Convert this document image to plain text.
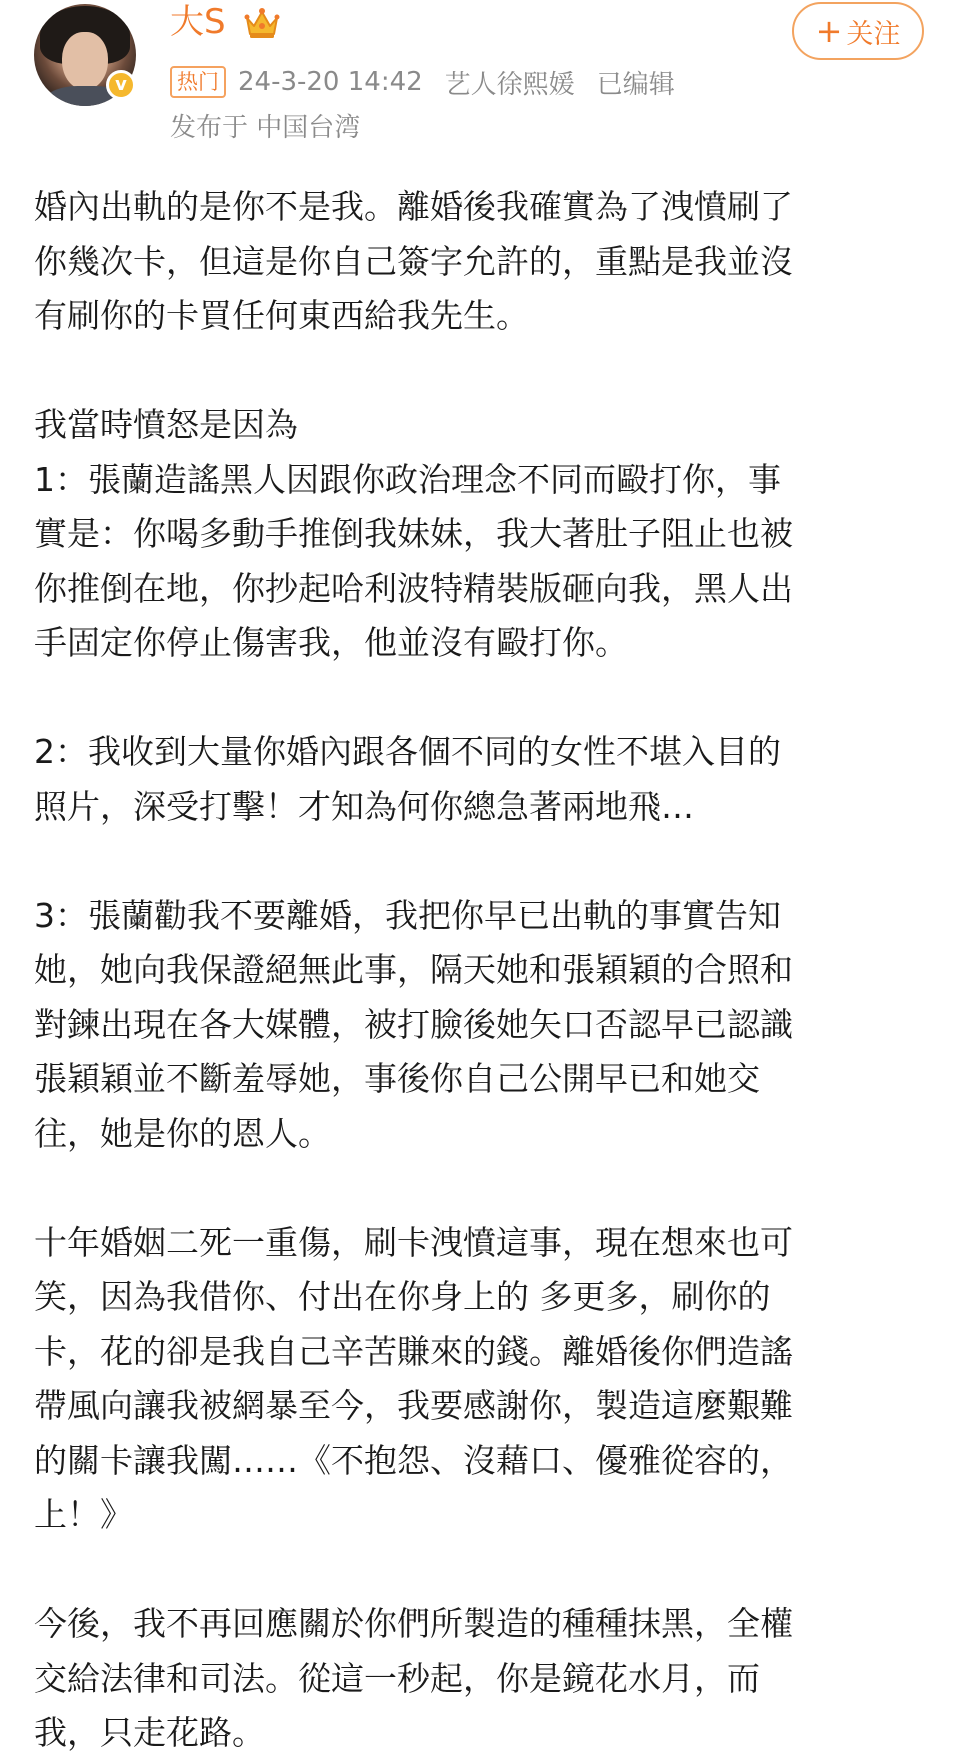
v
大S
热门 24-3-20 14:42 艺人徐熙媛 已编辑
发布于 中国台湾
+ 关注

婚內出軌的是你不是我。離婚後我確實為了洩憤刷了
你幾次卡，但這是你自己簽字允許的，重點是我並沒
有刷你的卡買任何東西給我先生。

我當時憤怒是因為
1：張蘭造謠黑人因跟你政治理念不同而毆打你，事
實是：你喝多動手推倒我妹妹，我大著肚子阻止也被
你推倒在地，你抄起哈利波特精裝版砸向我，黑人出
手固定你停止傷害我，他並沒有毆打你。

2：我收到大量你婚內跟各個不同的女性不堪入目的
照片，深受打擊！才知為何你總急著兩地飛…

3：張蘭勸我不要離婚，我把你早已出軌的事實告知
她，她向我保證絕無此事，隔天她和張穎穎的合照和
對鍊出現在各大媒體，被打臉後她矢口否認早已認識
張穎穎並不斷羞辱她，事後你自己公開早已和她交
往，她是你的恩人。

十年婚姻二死一重傷，刷卡洩憤這事，現在想來也可
笑，因為我借你、付出在你身上的 多更多，刷你的
卡，花的卻是我自己辛苦賺來的錢。離婚後你們造謠
帶風向讓我被網暴至今，我要感謝你，製造這麼艱難
的關卡讓我闖……《不抱怨、沒藉口、優雅從容的，
上！》

今後，我不再回應關於你們所製造的種種抹黑，全權
交給法律和司法。從這一秒起，你是鏡花水月，而
我，只走花路。
